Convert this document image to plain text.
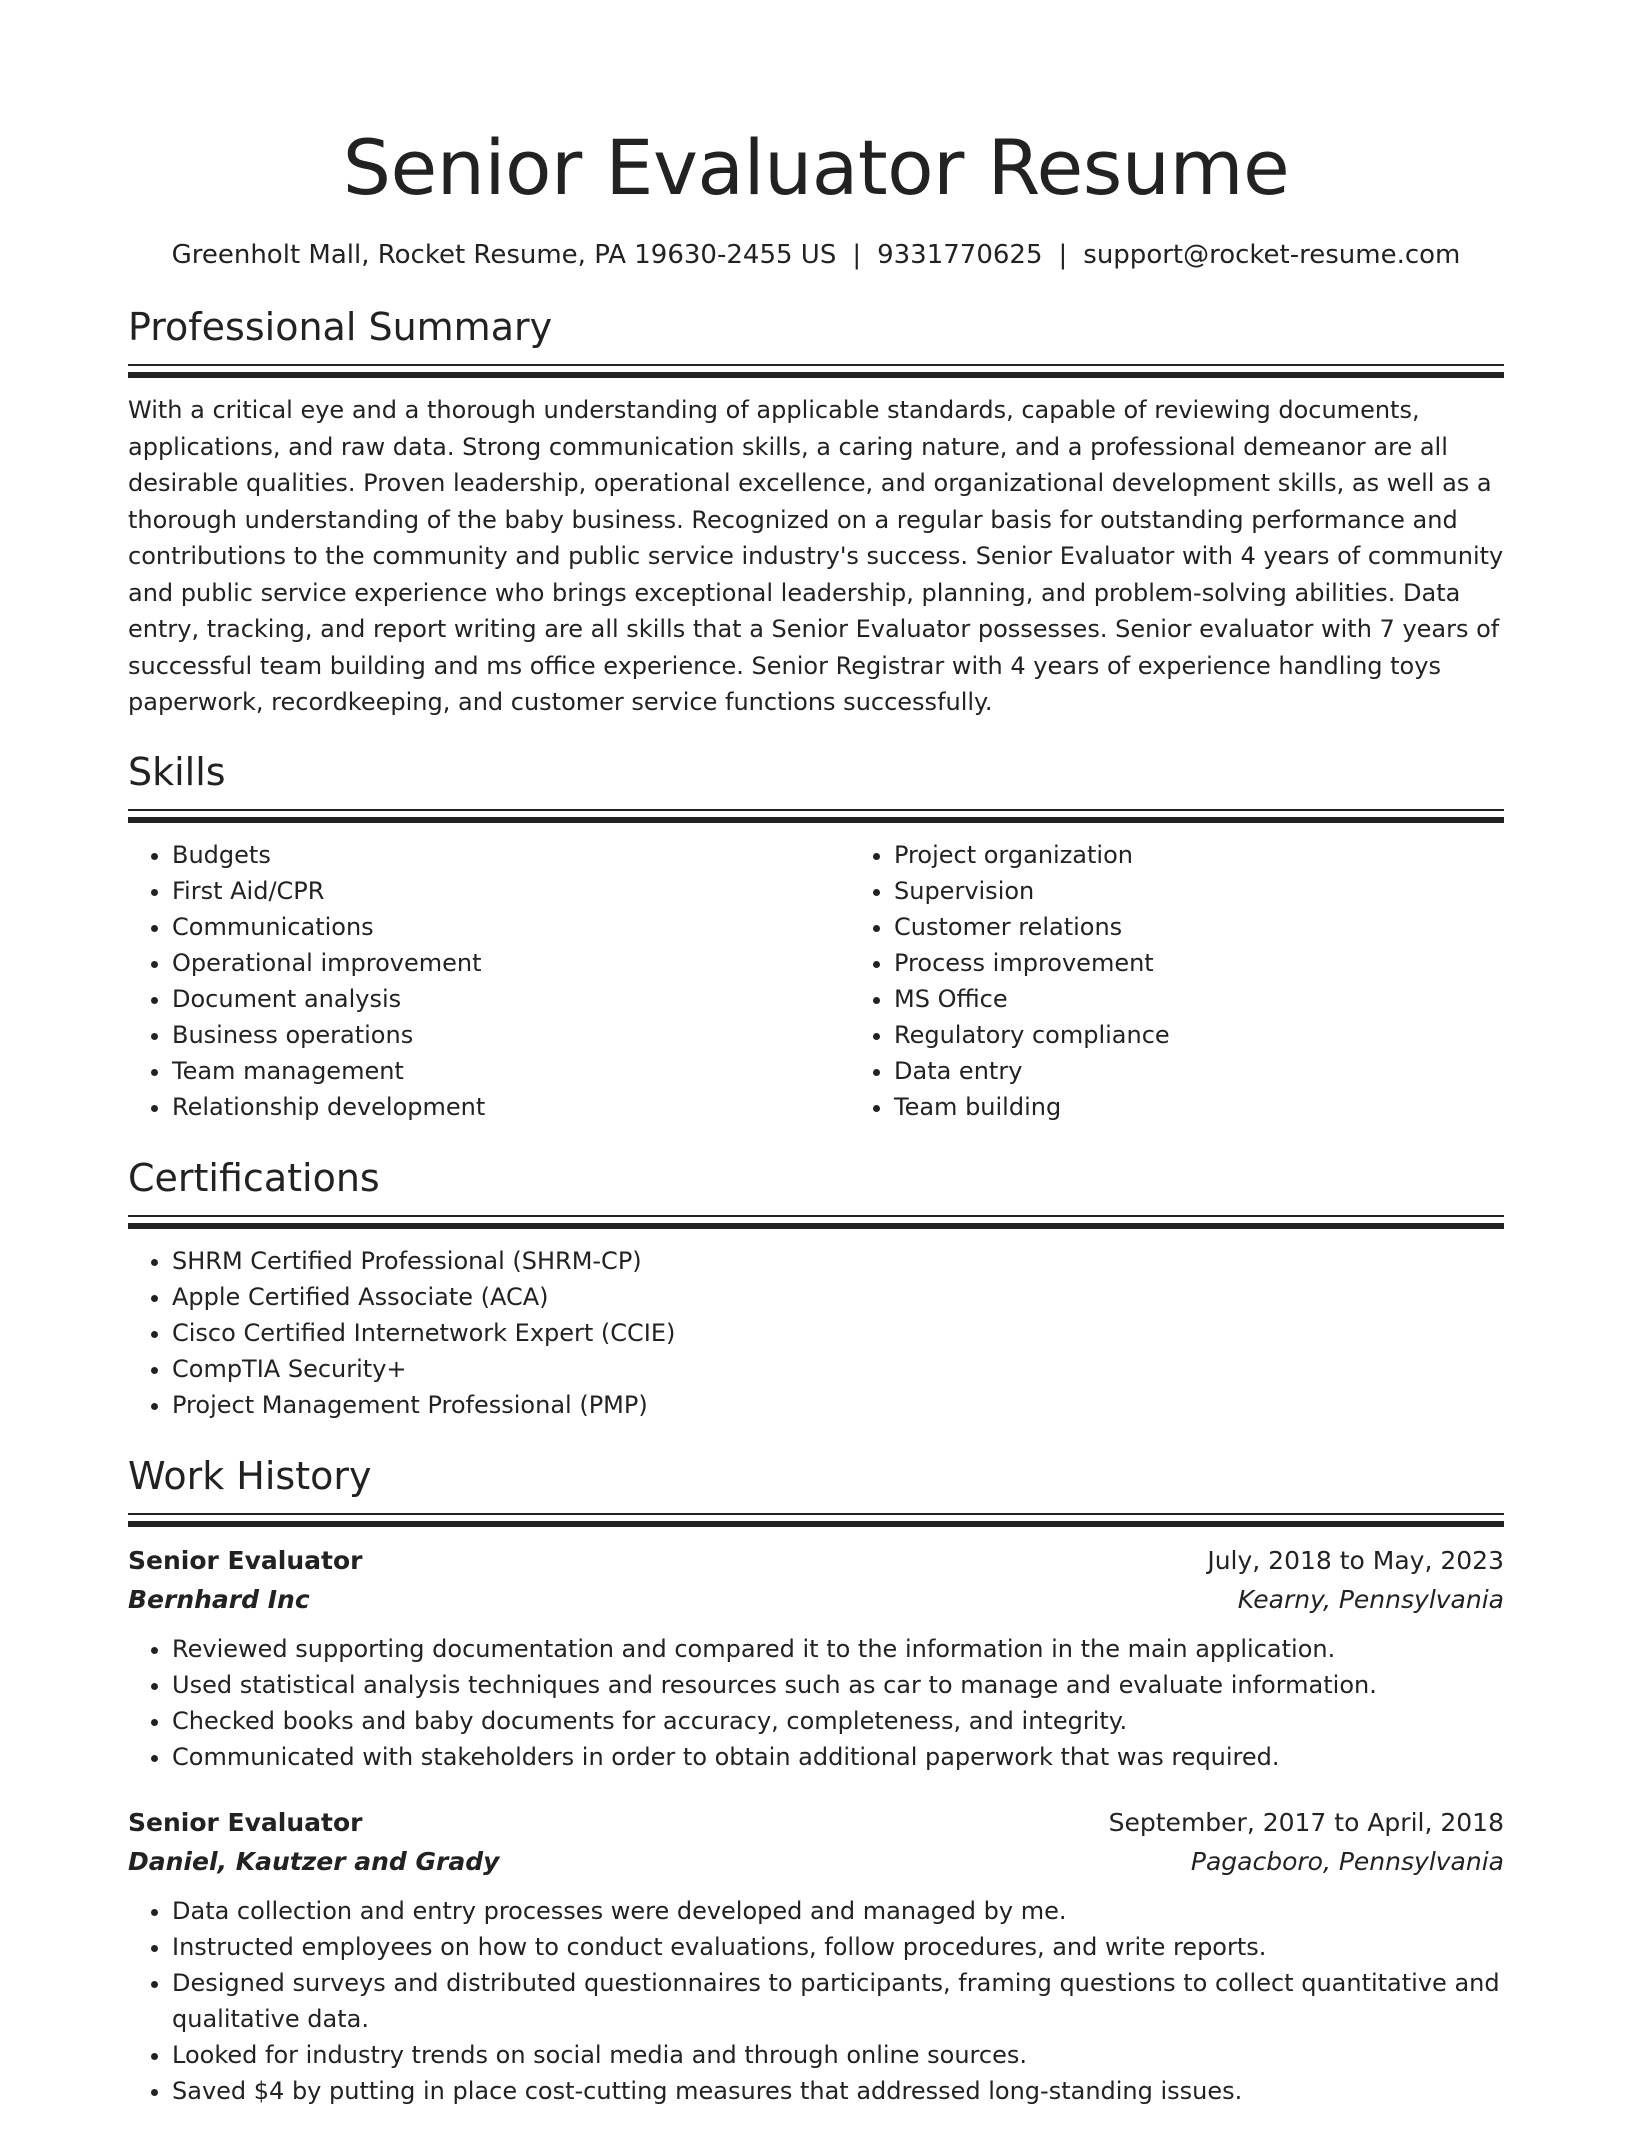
Senior Evaluator Resume
Greenholt Mall, Rocket Resume, PA 19630-2455 US | 9331770625 | support@rocket-resume.com
Professional Summary

With a critical eye and a thorough understanding of applicable standards, capable of reviewing documents, applications, and raw data. Strong communication skills, a caring nature, and a professional demeanor are all desirable qualities. Proven leadership, operational excellence, and organizational development skills, as well as a thorough understanding of the baby business. Recognized on a regular basis for outstanding performance and contributions to the community and public service industry's success. Senior Evaluator with 4 years of community and public service experience who brings exceptional leadership, planning, and problem-solving abilities. Data entry, tracking, and report writing are all skills that a Senior Evaluator possesses. Senior evaluator with 7 years of successful team building and ms office experience. Senior Registrar with 4 years of experience handling toys paperwork, recordkeeping, and customer service functions successfully.

Skills
• Budgets
• First Aid/CPR
• Communications
• Operational improvement
• Document analysis
• Business operations
• Team management
• Relationship development
• Project organization
• Supervision
• Customer relations
• Process improvement
• MS Office
• Regulatory compliance
• Data entry
• Team building
Certifications
• SHRM Certified Professional (SHRM-CP)
• Apple Certified Associate (ACA)
• Cisco Certified Internetwork Expert (CCIE)
• CompTIA Security+
• Project Management Professional (PMP)
Work History
Senior Evaluator	July, 2018 to May, 2023
Bernhard Inc	Kearny, Pennsylvania
• Reviewed supporting documentation and compared it to the information in the main application.
• Used statistical analysis techniques and resources such as car to manage and evaluate information.
• Checked books and baby documents for accuracy, completeness, and integrity.
• Communicated with stakeholders in order to obtain additional paperwork that was required.
Senior Evaluator	September, 2017 to April, 2018
Daniel, Kautzer and Grady	Pagacboro, Pennsylvania
• Data collection and entry processes were developed and managed by me.
• Instructed employees on how to conduct evaluations, follow procedures, and write reports.
• Designed surveys and distributed questionnaires to participants, framing questions to collect quantitative and qualitative data.
• Looked for industry trends on social media and through online sources.
• Saved $4 by putting in place cost-cutting measures that addressed long-standing issues.
